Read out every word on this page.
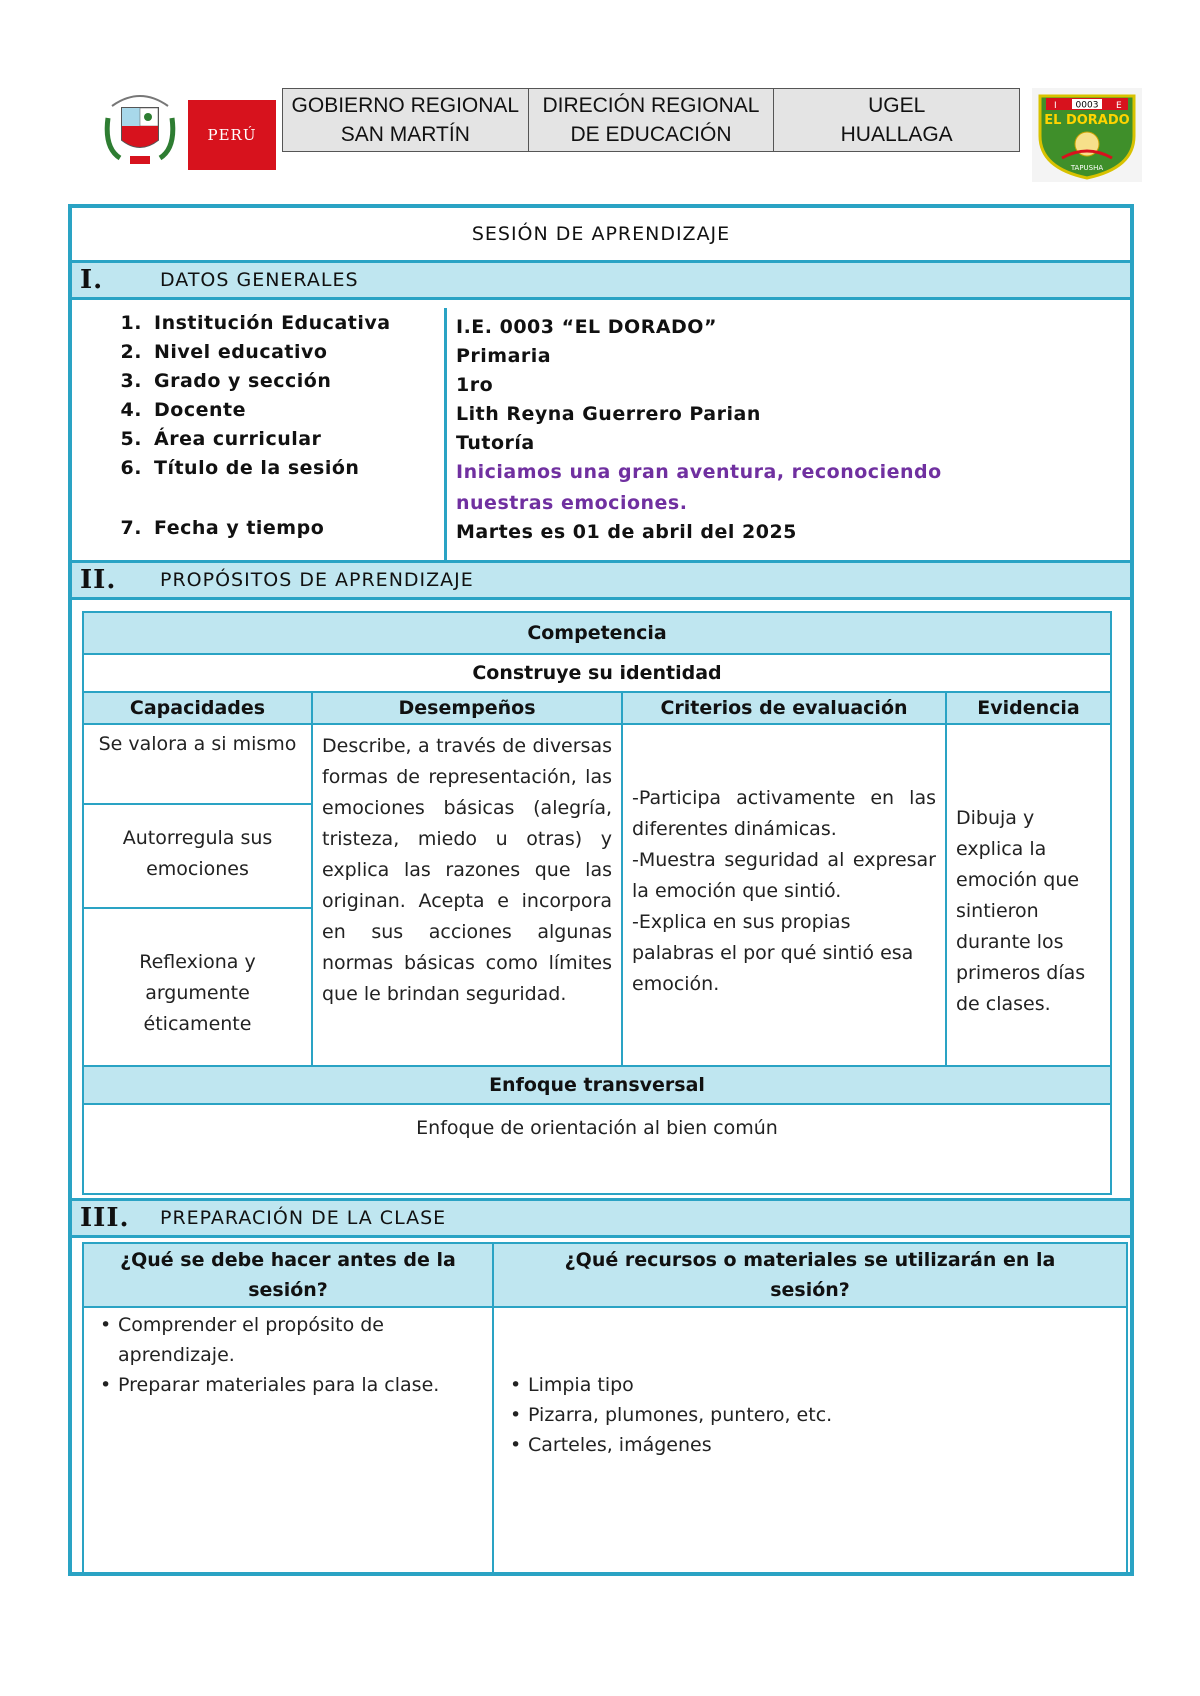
PERÚ
GOBIERNO REGIONAL
SAN MARTÍN	DIRECIÓN REGIONAL
DE EDUCACIÓN	UGEL
HUALLAGA
0003
I	E
EL DORADO
TAPUSHA
SESIÓN DE APRENDIZAJE
I.	DATOS GENERALES
1. Institución Educativa	I.E. 0003 “EL DORADO”
2. Nivel educativo	Primaria
3. Grado y sección	1ro
4. Docente	Lith Reyna Guerrero Parian
5. Área curricular	Tutoría
6. Título de la sesión	Iniciamos una gran aventura, reconociendo nuestras emociones.
7. Fecha y tiempo	Martes es 01 de abril del 2025
II.	PROPÓSITOS DE APRENDIZAJE
Competencia
Construye su identidad
Capacidades	Desempeños	Criterios de evaluación	Evidencia
Se valora a si mismo
Autorregula sus emociones
Reflexiona y argumente éticamente
Describe, a través de diversas formas de representación, las emociones básicas (alegría, tristeza, miedo u otras) y explica las razones que las originan. Acepta e incorpora en sus acciones algunas normas básicas como límites que le brindan seguridad.
-Participa activamente en las diferentes dinámicas.
-Muestra seguridad al expresar la emoción que sintió.
-Explica en sus propias palabras el por qué sintió esa emoción.
Dibuja y explica la emoción que sintieron durante los primeros días de clases.
Enfoque transversal
Enfoque de orientación al bien común
III.	PREPARACIÓN DE LA CLASE
¿Qué se debe hacer antes de la sesión?
¿Qué recursos o materiales se utilizarán en la sesión?
• Comprender el propósito de aprendizaje.
• Preparar materiales para la clase.
•	Limpia tipo
• Pizarra, plumones, puntero, etc.
• Carteles, imágenes
